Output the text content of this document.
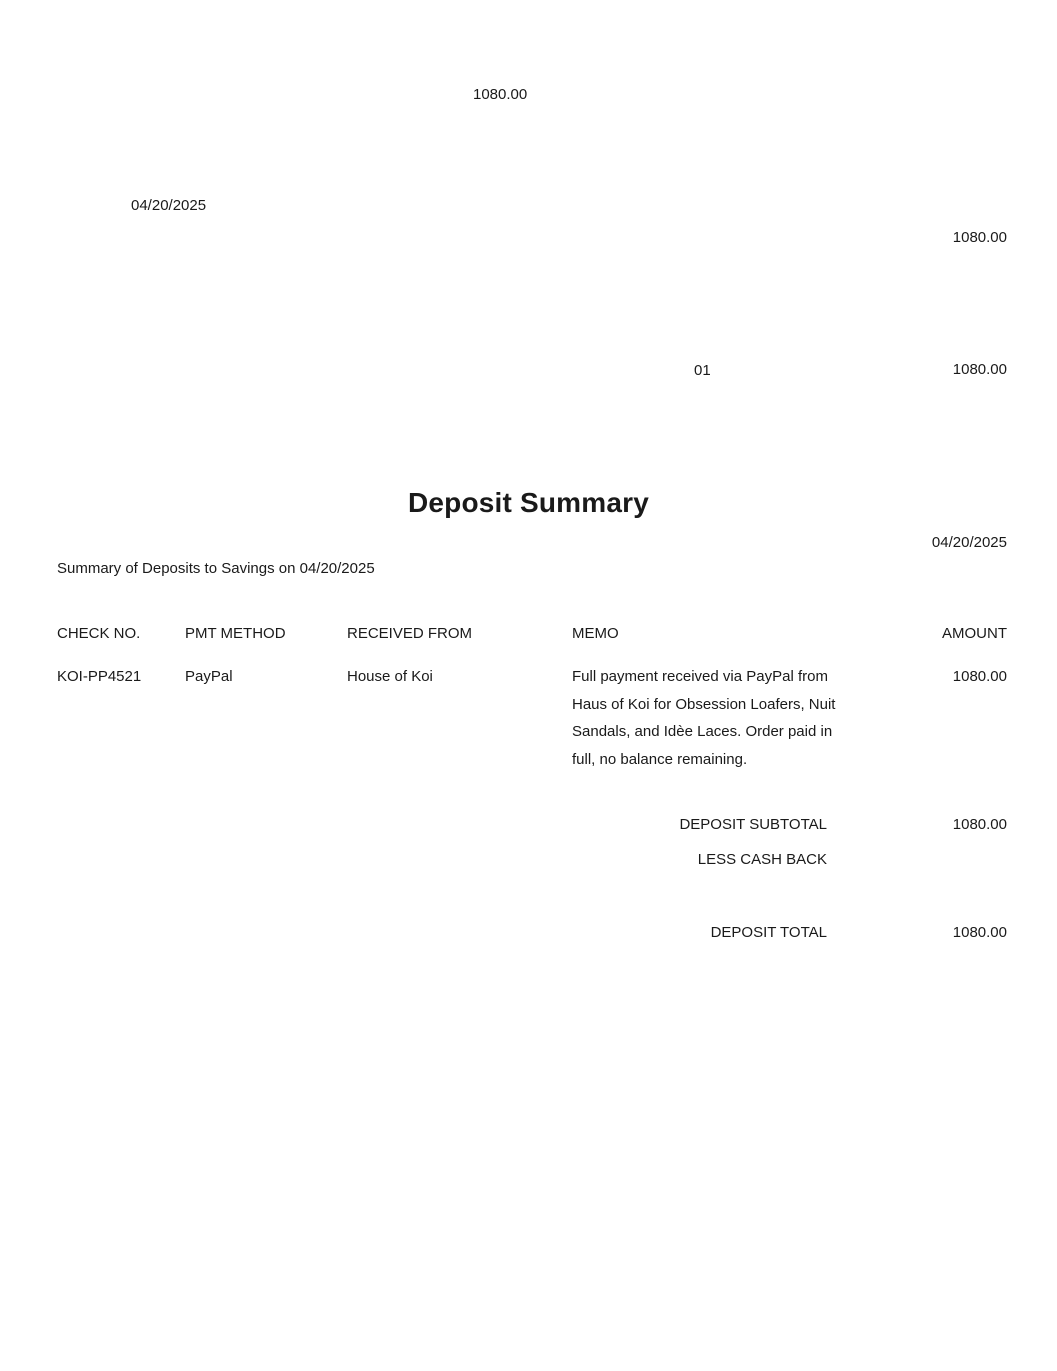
1080.00
04/20/2025
1080.00
01	1080.00
Deposit Summary
04/20/2025
Summary of Deposits to Savings on 04/20/2025
CHECK NO.	PMT METHOD	RECEIVED FROM	MEMO	AMOUNT
KOI-PP4521	PayPal	House of Koi	Full payment received via PayPal from
Haus of Koi for Obsession Loafers, Nuit
Sandals, and Idèe Laces. Order paid in
full, no balance remaining.
1080.00
DEPOSIT SUBTOTAL	1080.00
LESS CASH BACK
DEPOSIT TOTAL	1080.00
